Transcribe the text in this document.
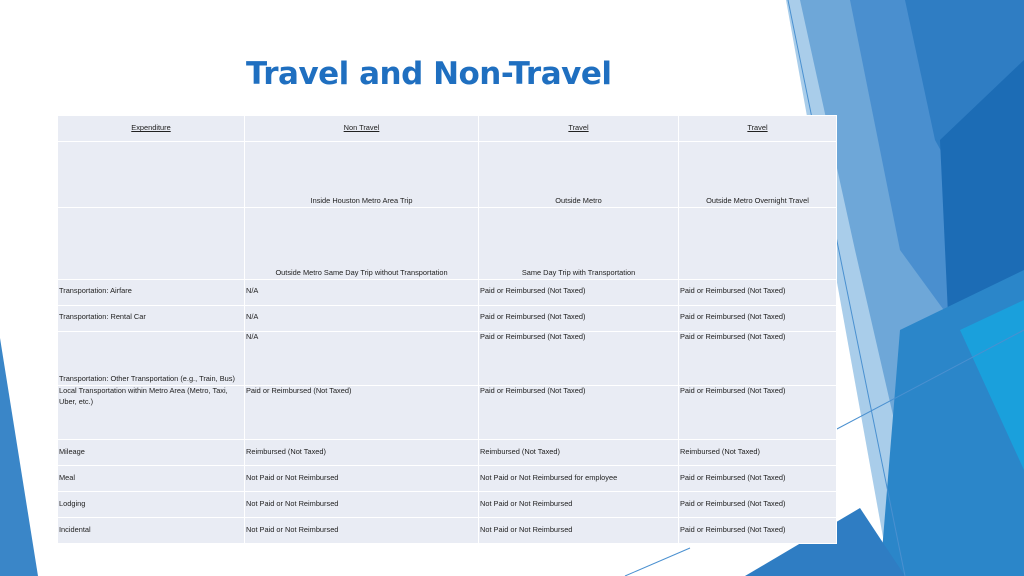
Travel and Non-Travel
Expenditure	Non Travel	Travel	Travel
	Inside Houston Metro Area Trip	Outside Metro	Outside Metro Overnight Travel
	Outside Metro Same Day Trip without Transportation	Same Day Trip with Transportation	
Transportation: Airfare	N/A	Paid or Reimbursed (Not Taxed)	Paid or Reimbursed (Not Taxed)
Transportation: Rental Car	N/A	Paid or Reimbursed (Not Taxed)	Paid or Reimbursed (Not Taxed)
Transportation: Other Transportation (e.g., Train, Bus)	N/A	Paid or Reimbursed (Not Taxed)	Paid or Reimbursed (Not Taxed)
Local Transportation within Metro Area (Metro, Taxi, Uber, etc.)	Paid or Reimbursed (Not Taxed)	Paid or Reimbursed (Not Taxed)	Paid or Reimbursed (Not Taxed)
Mileage	Reimbursed (Not Taxed)	Reimbursed (Not Taxed)	Reimbursed (Not Taxed)
Meal	Not Paid or Not Reimbursed	Not Paid or Not Reimbursed for employee	Paid or Reimbursed (Not Taxed)
Lodging	Not Paid or Not Reimbursed	Not Paid or Not Reimbursed	Paid or Reimbursed (Not Taxed)
Incidental	Not Paid or Not Reimbursed	Not Paid or Not Reimbursed	Paid or Reimbursed (Not Taxed)
